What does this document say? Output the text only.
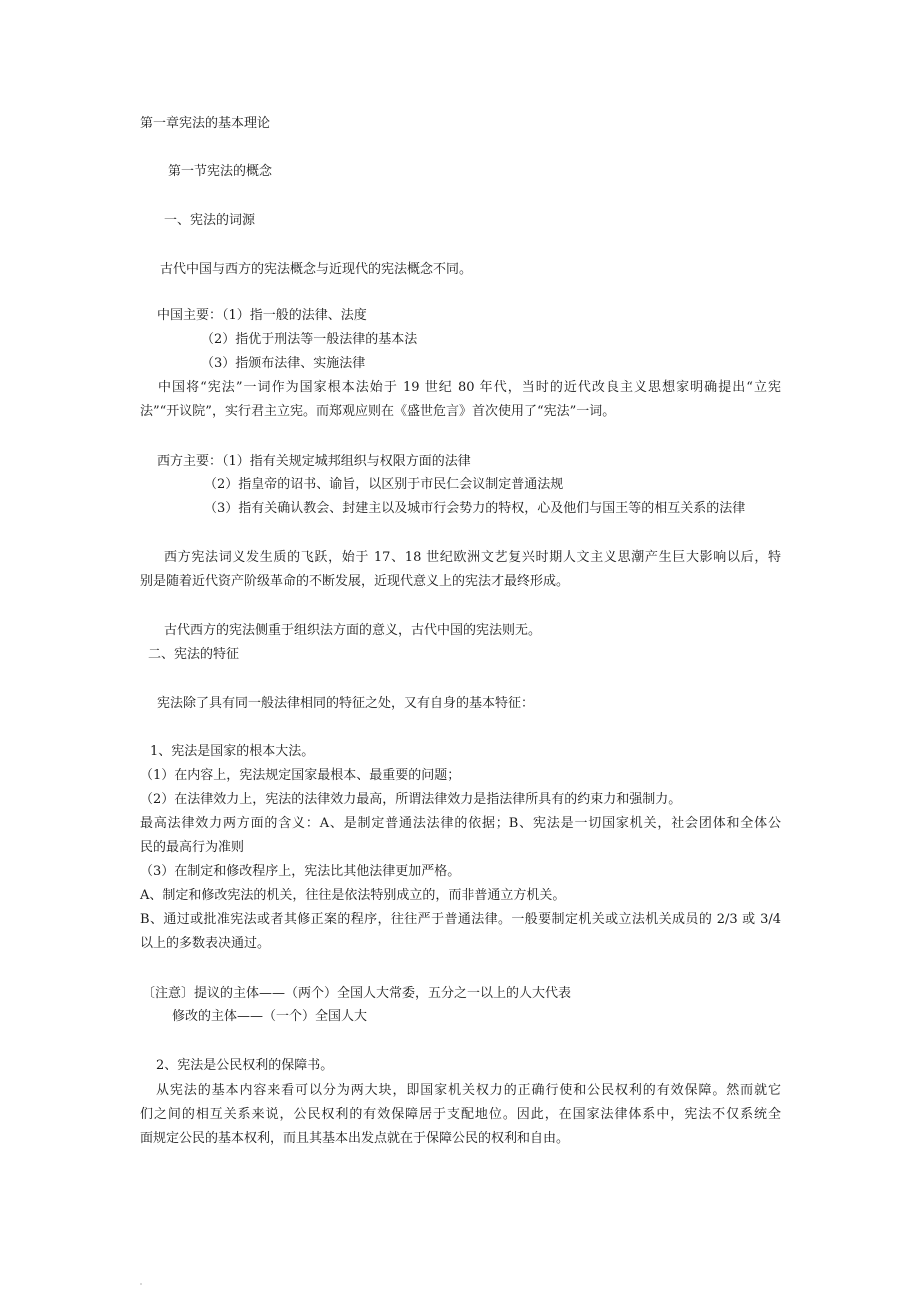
第一章宪法的基本理论
第一节宪法的概念
一、宪法的词源
古代中国与西方的宪法概念与近现代的宪法概念不同。
中国主要：（1）指一般的法律、法度
（2）指优于刑法等一般法律的基本法
（3）指颁布法律、实施法律
中国将“宪法”一词作为国家根本法始于 19 世纪 80 年代，当时的近代改良主义思想家明确提出“立宪
法”“开议院”，实行君主立宪。而郑观应则在《盛世危言》首次使用了“宪法”一词。
西方主要：（1）指有关规定城邦组织与权限方面的法律
（2）指皇帝的诏书、谕旨，以区别于市民仁会议制定普通法规
（3）指有关确认教会、封建主以及城市行会势力的特权，心及他们与国王等的相互关系的法律
西方宪法词义发生质的飞跃，始于 17、18 世纪欧洲文艺复兴时期人文主义思潮产生巨大影响以后，特
别是随着近代资产阶级革命的不断发展，近现代意义上的宪法才最终形成。
古代西方的宪法侧重于组织法方面的意义，古代中国的宪法则无。
二、宪法的特征
宪法除了具有同一般法律相同的特征之处，又有自身的基本特征：
1、宪法是国家的根本大法。
（1）在内容上，宪法规定国家最根本、最重要的问题；
（2）在法律效力上，宪法的法律效力最高，所谓法律效力是指法律所具有的约束力和强制力。
最高法律效力两方面的含义：A、是制定普通法法律的依据；B、宪法是一切国家机关，社会团体和全体公
民的最高行为准则
（3）在制定和修改程序上，宪法比其他法律更加严格。
A、制定和修改宪法的机关，往往是依法特别成立的，而非普通立方机关。
B、通过或批准宪法或者其修正案的程序，往往严于普通法律。一般要制定机关或立法机关成员的 2/3 或 3/4
以上的多数表决通过。
〔注意〕提议的主体——（两个）全国人大常委，五分之一以上的人大代表
修改的主体——（一个）全国人大
2、宪法是公民权利的保障书。
从宪法的基本内容来看可以分为两大块，即国家机关权力的正确行使和公民权利的有效保障。然而就它
们之间的相互关系来说，公民权利的有效保障居于支配地位。因此，在国家法律体系中，宪法不仅系统全
面规定公民的基本权利，而且其基本出发点就在于保障公民的权利和自由。
